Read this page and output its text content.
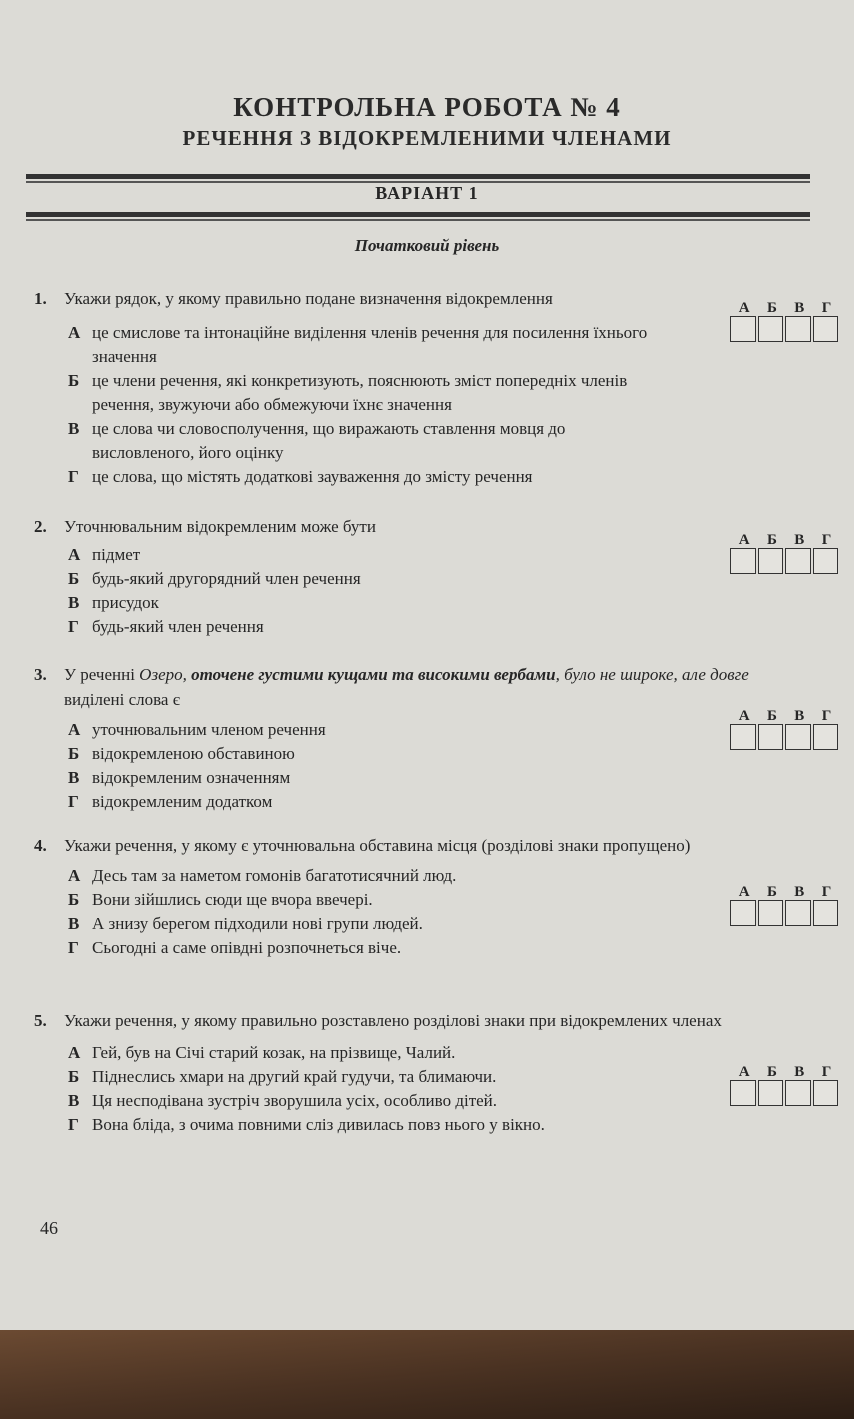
КОНТРОЛЬНА РОБОТА № 4
РЕЧЕННЯ З ВІДОКРЕМЛЕНИМИ ЧЛЕНАМИ
ВАРІАНТ 1
Початковий рівень
1. Укажи рядок, у якому правильно подане визначення відокремлення
А це смислове та інтонаційне виділення членів речення для посилення їхнього значення
Б це члени речення, які конкретизують, пояснюють зміст попередніх членів речення, звужуючи або обмежуючи їхнє значення
В це слова чи словосполучення, що виражають ставлення мовця до висловленого, його оцінку
Г це слова, що містять додаткові зауваження до змісту речення
А Б В Г
2. Уточнювальним відокремленим може бути
А підмет
Б будь-який другорядний член речення
В присудок
Г будь-який член речення
А Б В Г
3. У реченні Озеро, оточене густими кущами та високими вербами, було не широке, але довге виділені слова є
А уточнювальним членом речення
Б відокремленою обставиною
В відокремленим означенням
Г відокремленим додатком
А Б В Г
4. Укажи речення, у якому є уточнювальна обставина місця (розділові знаки пропущено)
А Десь там за наметом гомонів багатотисячний люд.
Б Вони зійшлись сюди ще вчора ввечері.
В А знизу берегом підходили нові групи людей.
Г Сьогодні а саме опівдні розпочнеться віче.
А Б В Г
5. Укажи речення, у якому правильно розставлено розділові знаки при відокремлених членах
А Гей, був на Січі старий козак, на прізвище, Чалий.
Б Піднеслись хмари на другий край гудучи, та блимаючи.
В Ця несподівана зустріч зворушила усіх, особливо дітей.
Г Вона бліда, з очима повними сліз дивилась повз нього у вікно.
А Б В Г
46
